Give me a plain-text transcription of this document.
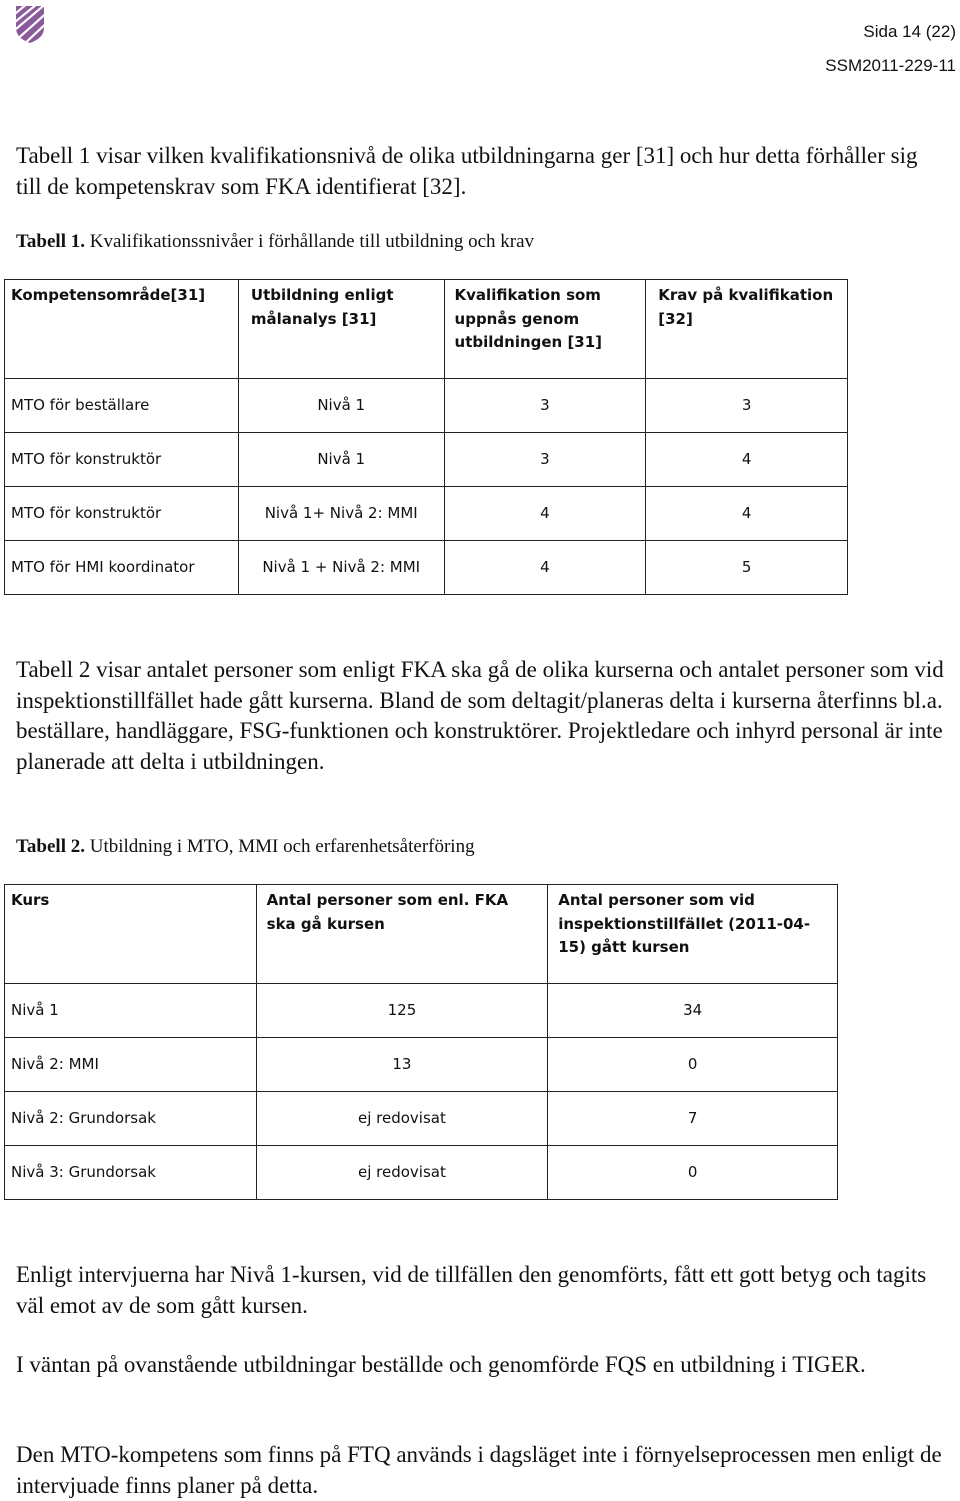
Sida 14 (22)
SSM2011-229-11

Tabell 1 visar vilken kvalifikationsnivå de olika utbildningarna ger [31] och hur detta förhåller sig till de kompetenskrav som FKA identifierat [32].

Tabell 1. Kvalifikationssnivåer i förhållande till utbildning och krav
Kompetensområde[31]	Utbildning enligt målanalys [31]	Kvalifikation som uppnås genom utbildningen [31]	Krav på kvalifikation [32]
MTO för beställare	Nivå 1	3	3
MTO för konstruktör	Nivå 1	3	4
MTO för konstruktör	Nivå 1+ Nivå 2: MMI	4	4
MTO för HMI koordinator	Nivå 1 + Nivå 2: MMI	4	5

Tabell 2 visar antalet personer som enligt FKA ska gå de olika kurserna och antalet personer som vid inspektionstillfället hade gått kurserna. Bland de som deltagit/planeras delta i kurserna återfinns bl.a. beställare, handläggare, FSG-funktionen och konstruktörer. Projektledare och inhyrd personal är inte planerade att delta i utbildningen.

Tabell 2. Utbildning i MTO, MMI och erfarenhetsåterföring
Kurs	Antal personer som enl. FKA ska gå kursen	Antal personer som vid inspektionstillfället (2011-04-15) gått kursen
Nivå 1	125	34
Nivå 2: MMI	13	0
Nivå 2: Grundorsak	ej redovisat	7
Nivå 3: Grundorsak	ej redovisat	0

Enligt intervjuerna har Nivå 1-kursen, vid de tillfällen den genomförts, fått ett gott betyg och tagits väl emot av de som gått kursen.

I väntan på ovanstående utbildningar beställde och genomförde FQS en utbildning i TIGER.

Den MTO-kompetens som finns på FTQ används i dagsläget inte i förnyelseprocessen men enligt de intervjuade finns planer på detta.
